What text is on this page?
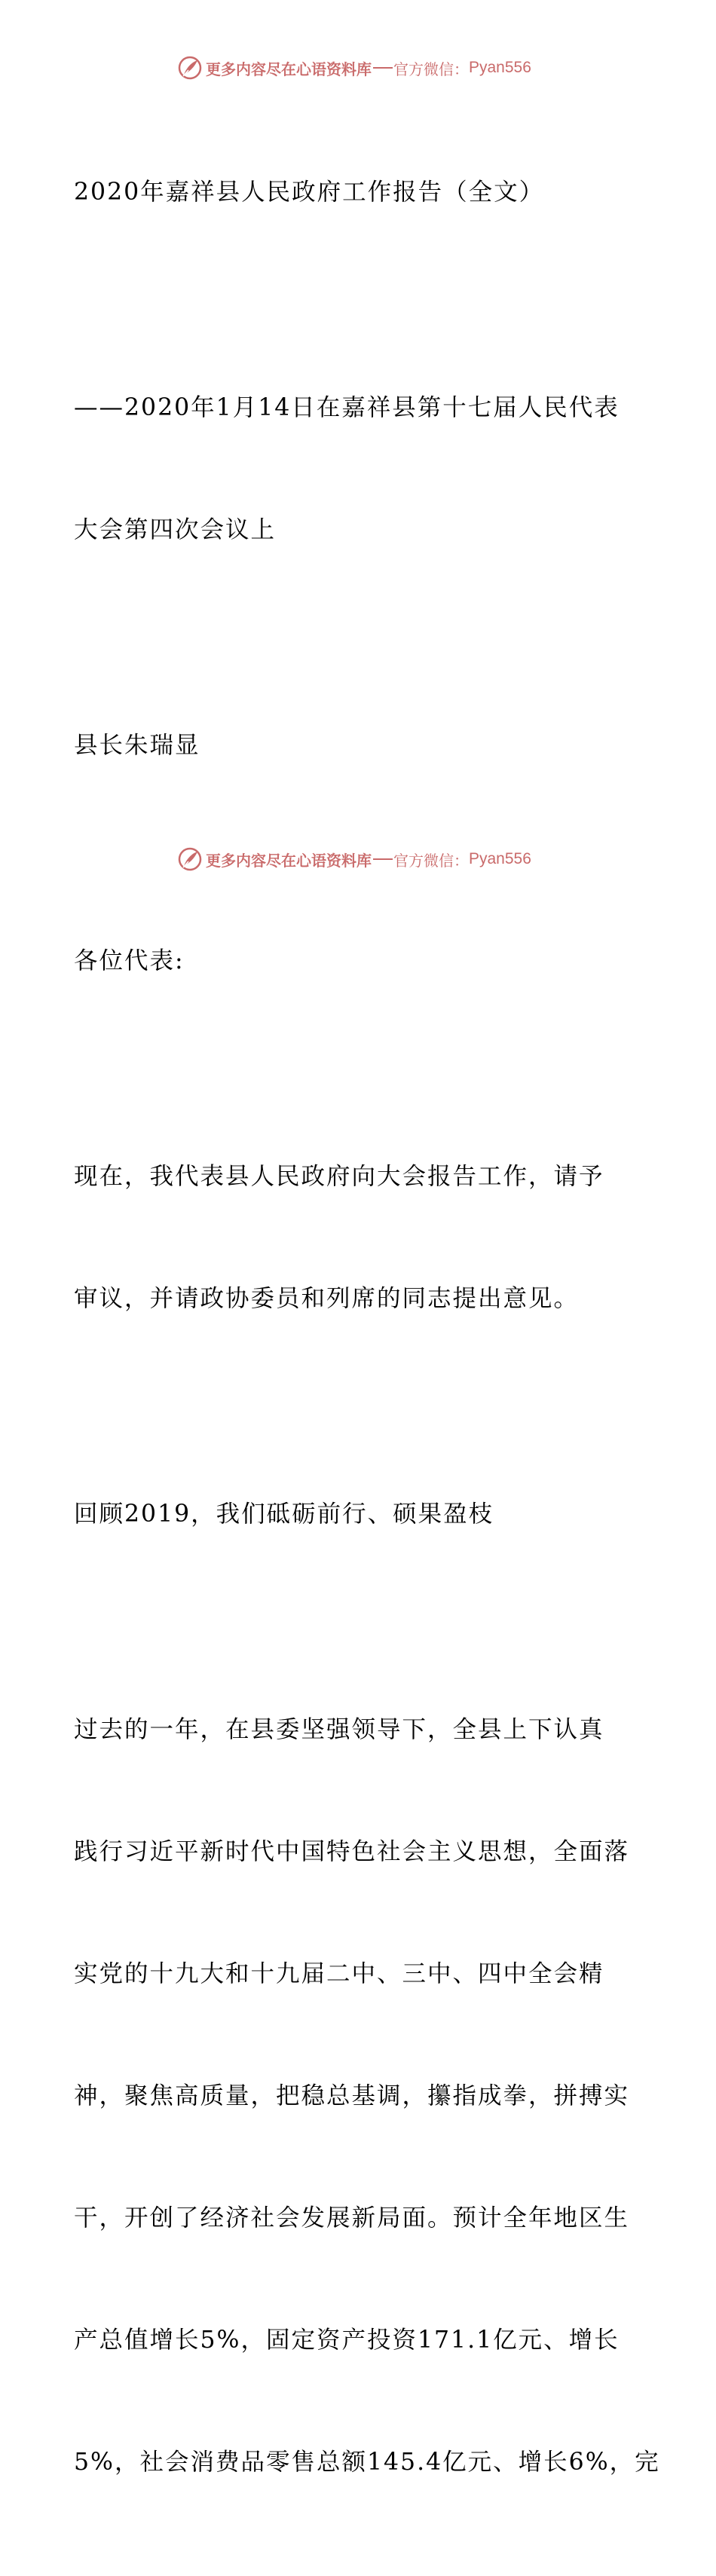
更多内容尽在心语资料库 官方微信： Pyan556

2020年嘉祥县人民政府工作报告（全文）

——2020年1月14日在嘉祥县第十七届人民代表

大会第四次会议上

县长朱瑞显

各位代表:

现在，我代表县人民政府向大会报告工作，请予

审议，并请政协委员和列席的同志提出意见。

回顾2019，我们砥砺前行、硕果盈枝

过去的一年，在县委坚强领导下，全县上下认真

践行习近平新时代中国特色社会主义思想，全面落

实党的十九大和十九届二中、三中、四中全会精

神，聚焦高质量，把稳总基调，攥指成拳，拼搏实

干，开创了经济社会发展新局面。预计全年地区生

产总值增长5%，固定资产投资171.1亿元、增长

5%，社会消费品零售总额145.4亿元、增长6%，完

更多内容尽在心语资料库 官方微信： Pyan556
